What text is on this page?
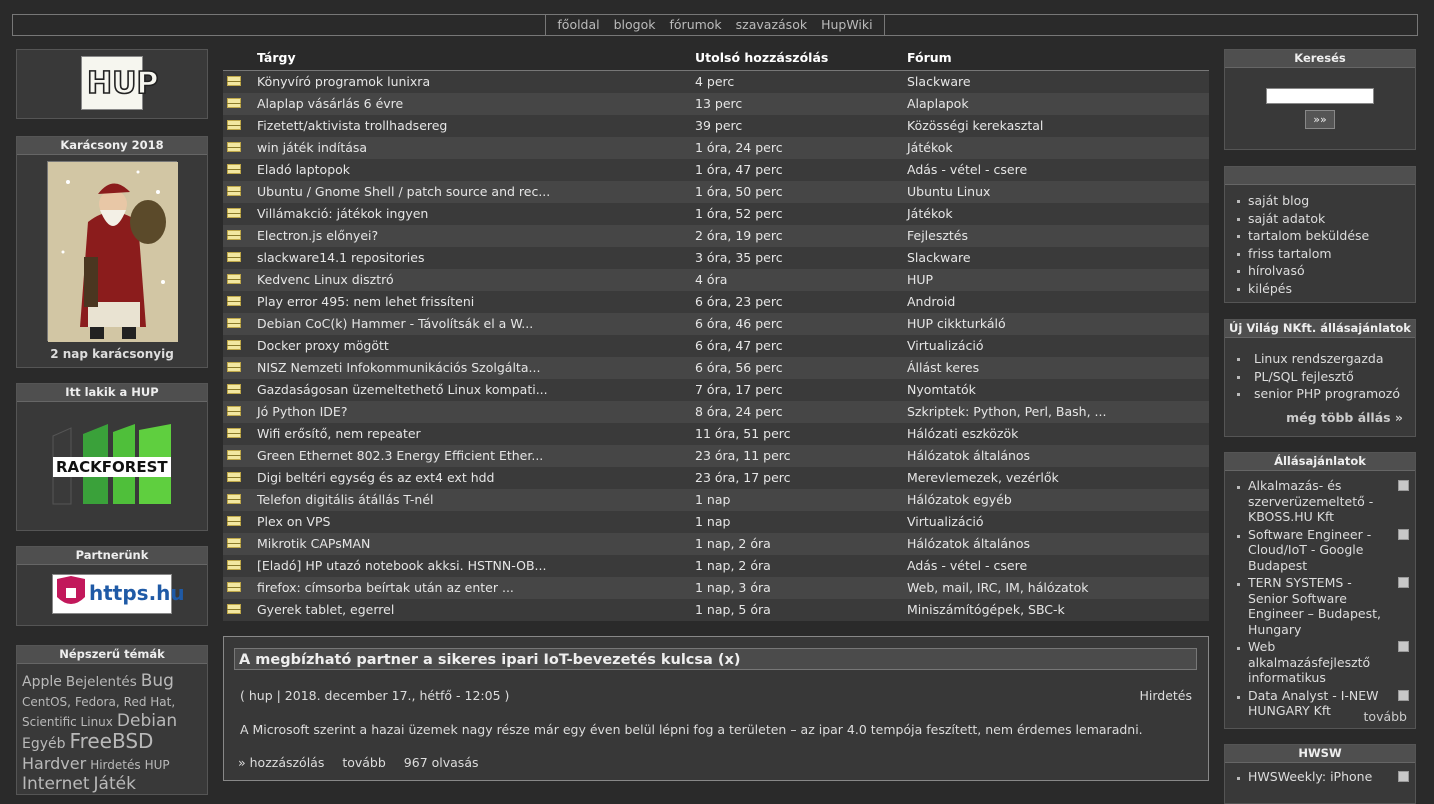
főoldal blogok fórumok szavazások HupWiki
HUP
Karácsony 2018
2 nap karácsonyig
Itt lakik a HUP
RACKFOREST
Partnerünk
https.hu
Népszerű témák
Apple Bejelentés Bug
CentOS, Fedora, Red Hat,
Scientific Linux Debian
Egyéb FreeBSD
Hardver Hirdetés HUP
Internet Játék
Tárgy	Utolsó hozzászólás	Fórum
Könyvíró programok lunixra	4 perc	Slackware
Alaplap vásárlás 6 évre	13 perc	Alaplapok
Fizetett/aktivista trollhadsereg	39 perc	Közösségi kerekasztal
win játék indítása	1 óra, 24 perc	Játékok
Eladó laptopok	1 óra, 47 perc	Adás - vétel - csere
Ubuntu / Gnome Shell / patch source and rec...	1 óra, 50 perc	Ubuntu Linux
Villámakció: játékok ingyen	1 óra, 52 perc	Játékok
Electron.js előnyei?	2 óra, 19 perc	Fejlesztés
slackware14.1 repositories	3 óra, 35 perc	Slackware
Kedvenc Linux disztró	4 óra	HUP
Play error 495: nem lehet frissíteni	6 óra, 23 perc	Android
Debian CoC(k) Hammer - Távolítsák el a W...	6 óra, 46 perc	HUP cikkturkáló
Docker proxy mögött	6 óra, 47 perc	Virtualizáció
NISZ Nemzeti Infokommunikációs Szolgálta...	6 óra, 56 perc	Állást keres
Gazdaságosan üzemeltethető Linux kompati...	7 óra, 17 perc	Nyomtatók
Jó Python IDE?	8 óra, 24 perc	Szkriptek: Python, Perl, Bash, ...
Wifi erősítő, nem repeater	11 óra, 51 perc	Hálózati eszközök
Green Ethernet 802.3 Energy Efficient Ether...	23 óra, 11 perc	Hálózatok általános
Digi beltéri egység és az ext4 ext hdd	23 óra, 17 perc	Merevlemezek, vezérlők
Telefon digitális átállás T-nél	1 nap	Hálózatok egyéb
Plex on VPS	1 nap	Virtualizáció
Mikrotik CAPsMAN	1 nap, 2 óra	Hálózatok általános
[Eladó] HP utazó notebook akksi. HSTNN-OB...	1 nap, 2 óra	Adás - vétel - csere
firefox: címsorba beírtak után az enter ...	1 nap, 3 óra	Web, mail, IRC, IM, hálózatok
Gyerek tablet, egerrel	1 nap, 5 óra	Miniszámítógépek, SBC-k
A megbízható partner a sikeres ipari IoT-bevezetés kulcsa (x)
( hup | 2018. december 17., hétfő - 12:05 )	Hirdetés
A Microsoft szerint a hazai üzemek nagy része már egy éven belül lépni fog a területen – az ipar 4.0 tempója feszített, nem érdemes lemaradni.
» hozzászólás tovább 967 olvasás
Keresés
»»
saját blog
saját adatok
tartalom beküldése
friss tartalom
hírolvasó
kilépés
Új Világ NKft. állásajánlatok
Linux rendszergazda
PL/SQL fejlesztő
senior PHP programozó
még több állás »
Állásajánlatok
Alkalmazás- és szerverüzemeltető - KBOSS.HU Kft
Software Engineer - Cloud/IoT - Google Budapest
TERN SYSTEMS - Senior Software Engineer – Budapest, Hungary
Web alkalmazásfejlesztő informatikus
Data Analyst - I-NEW HUNGARY Kft	tovább
HWSW
HWSWeekly: iPhone
